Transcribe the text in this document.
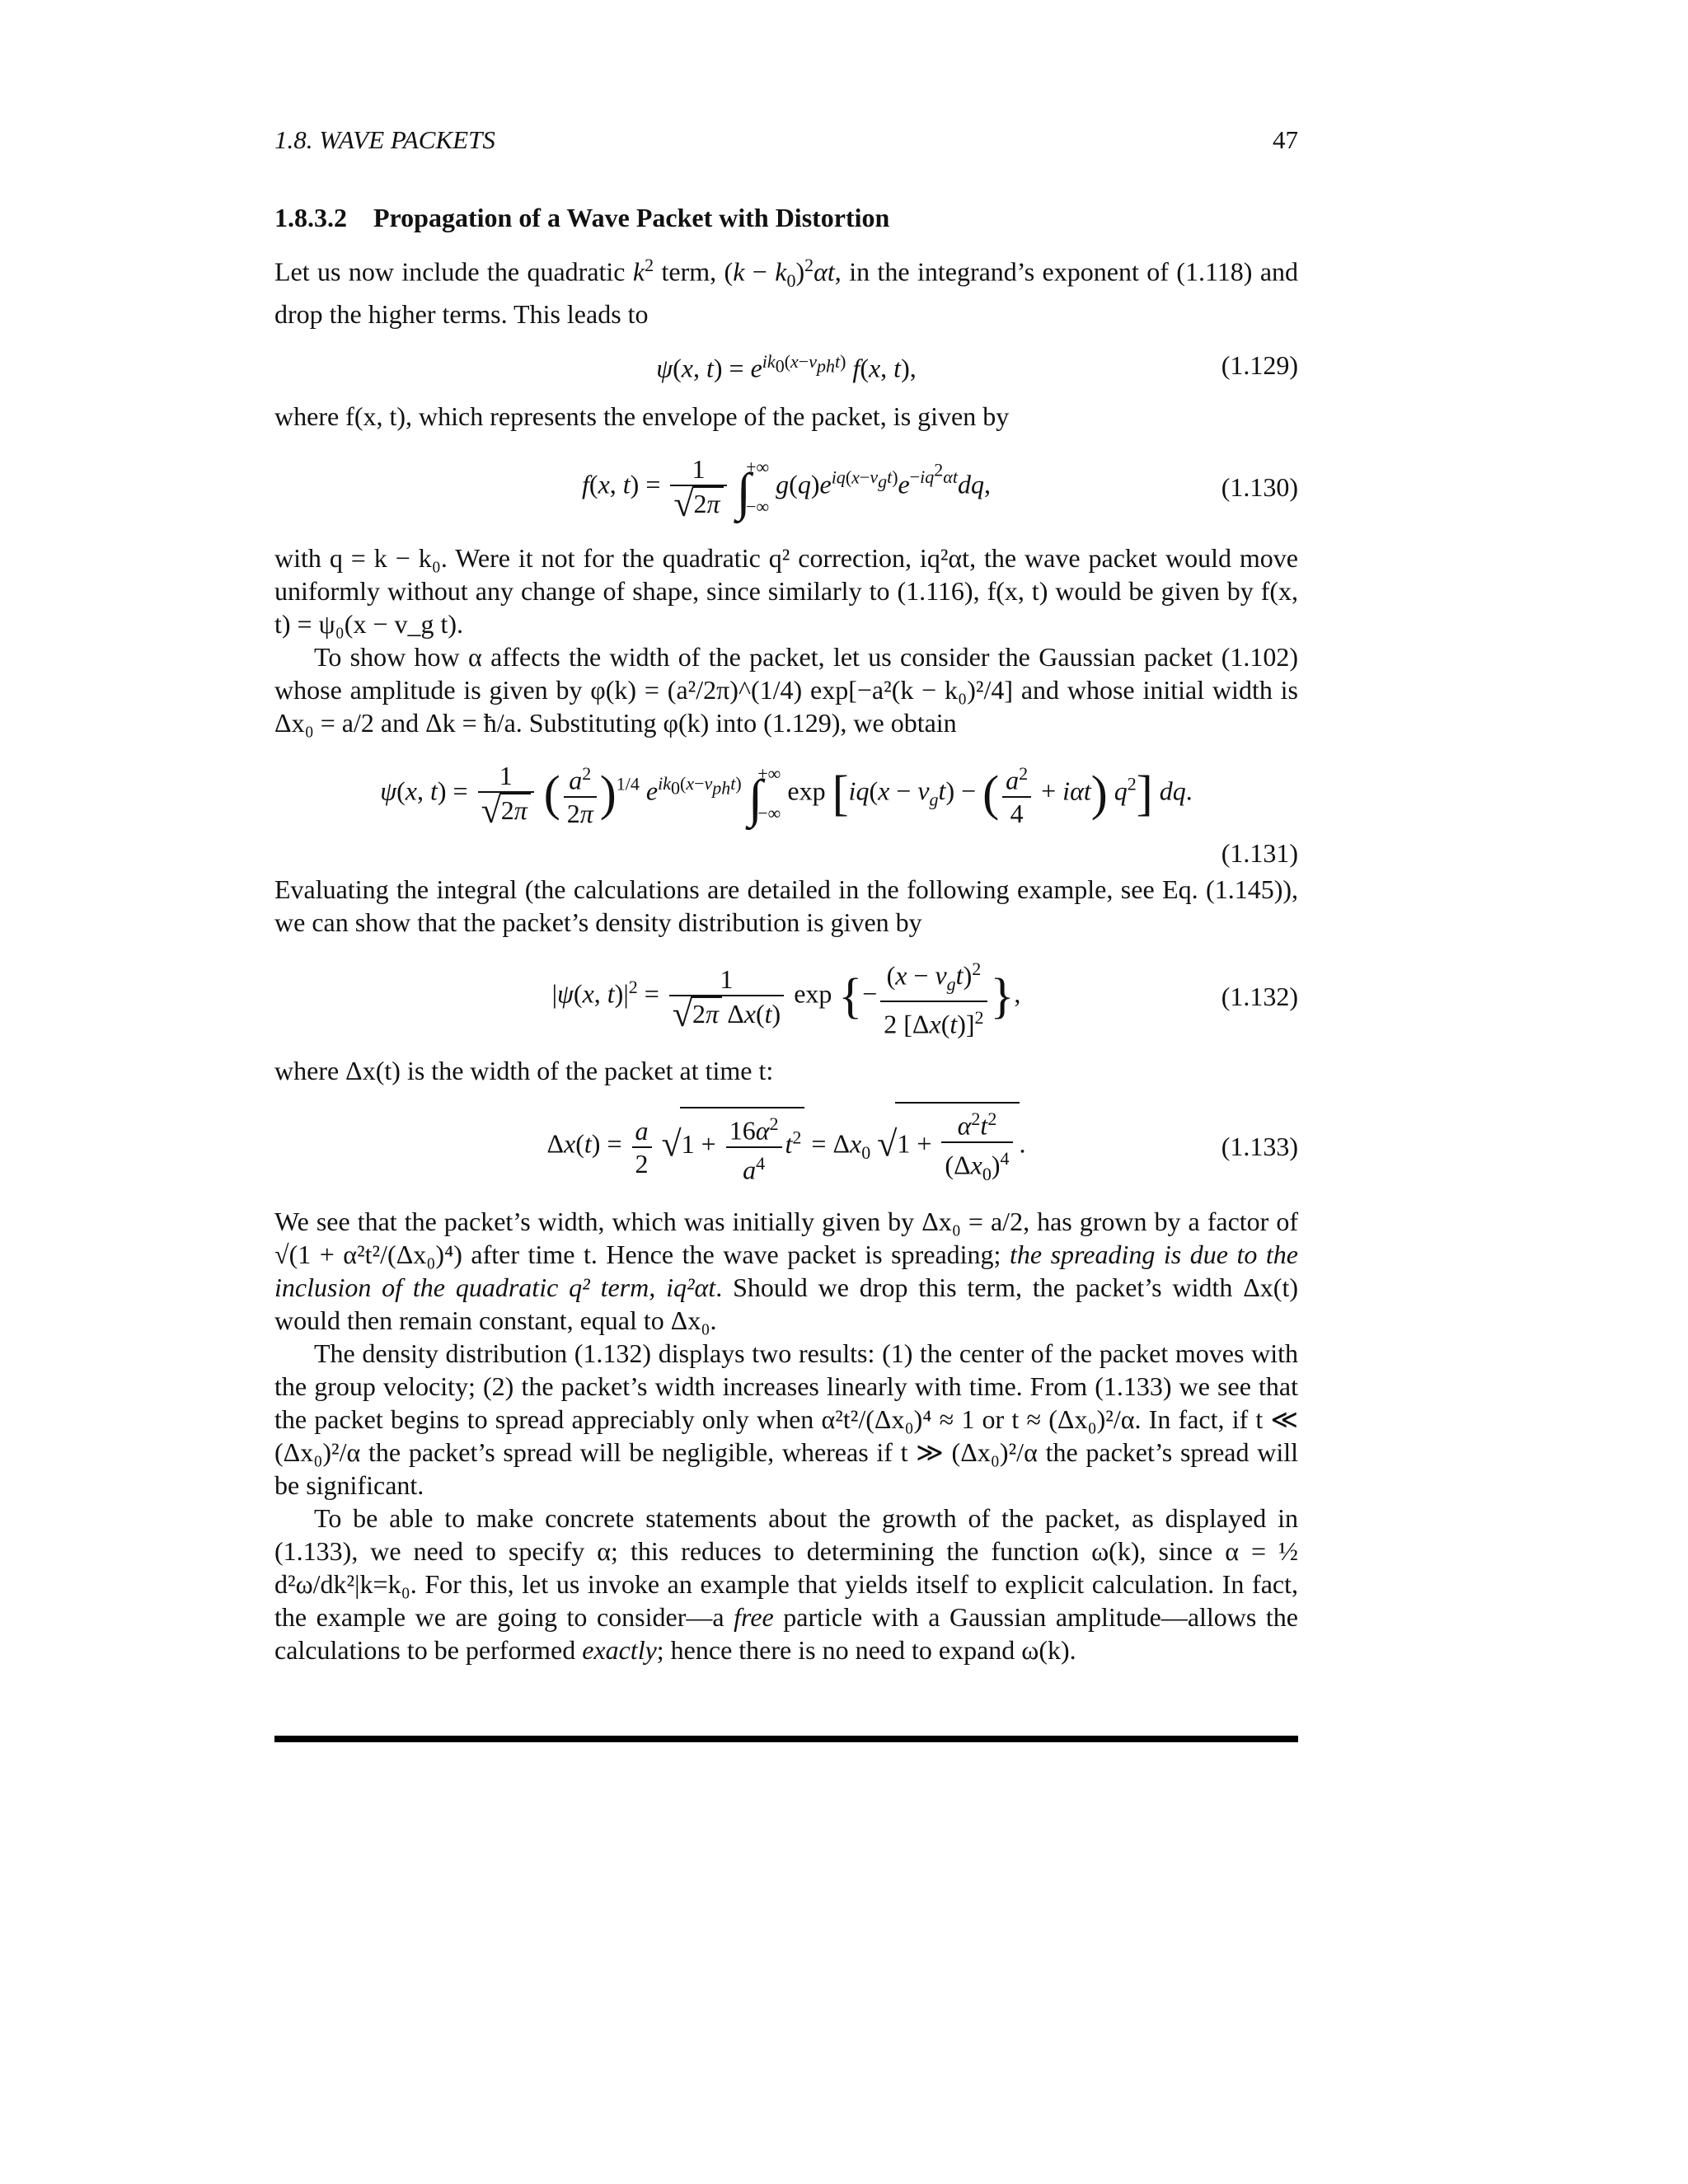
1.8. WAVE PACKETS	47
1.8.3.2 Propagation of a Wave Packet with Distortion

Let us now include the quadratic $k^2$ term, $(k - k_0)^2\alpha t$, in the integrand’s exponent of (1.118) and drop the higher terms. This leads to

ψ(x, $t) = e^{ik_0(x-v_{ph}t)}$ f(x, t),	(1.129)

where f(x, t), which represents the envelope of the packet, is given by

f(x, $t) = \frac{1}{√2\pi}$ ∫
+∞
−∞
$g(q)e^{iq(x-v_gt)}e^{-iq^2\alpha t}dq$,	(1.130)

with q = k − k₀. Were it not for the quadratic q² correction, iq²αt, the wave packet would move uniformly without any change of shape, since similarly to (1.116), f(x, t) would be given by f(x, t) = ψ₀(x − v_g t).

To show how α affects the width of the packet, let us consider the Gaussian packet (1.102) whose amplitude is given by φ(k) = (a²/2π)^(1/4) exp[−a²(k − k₀)²/4] and whose initial width is Δx₀ = a/2 and Δk = ħ/a. Substituting φ(k) into (1.129), we obtain

ψ(x, $t) = \frac{1}{√2\pi}$ ( $\frac{a^2}{2\pi} )^{1/4}$ $e^{ik_0(x-v_{ph}t)}$ ∫
+∞
−∞
$\exp [iq(x - v_gt)$ − ( $\frac{a^2}{4} + i\alpha t$) $q^2$] dq.
(1.131)

Evaluating the integral (the calculations are detailed in the following example, see Eq. (1.145)), we can show that the packet’s density distribution is given by

|ψ(x, $t)|^2 = \frac{1}{\text{√2π Δx(t)}}$ exp {− $\frac{(x - v_gt)^2}{2 [\Delta x(t)]^2}$ },	(1.132)

where Δx(t) is the width of the packet at time t:

$\Delta x(t) = \frac{a}{2} √1 + \frac{16\alpha^2}{a^4} t^2 = \Delta x_0$ $√1 + \frac{\alpha^2t^2}{(\Delta x_0)^4}$ .	(1.133)

We see that the packet’s width, which was initially given by Δx₀ = a/2, has grown by a factor of √(1 + α²t²/(Δx₀)⁴) after time t. Hence the wave packet is spreading; the spreading is due to the inclusion of the quadratic q² term, iq²αt. Should we drop this term, the packet’s width Δx(t) would then remain constant, equal to Δx₀.

The density distribution (1.132) displays two results: (1) the center of the packet moves with the group velocity; (2) the packet’s width increases linearly with time. From (1.133) we see that the packet begins to spread appreciably only when α²t²/(Δx₀)⁴ ≈ 1 or t ≈ (Δx₀)²/α. In fact, if t ≪ (Δx₀)²/α the packet’s spread will be negligible, whereas if t ≫ (Δx₀)²/α the packet’s spread will be significant.

To be able to make concrete statements about the growth of the packet, as displayed in (1.133), we need to specify α; this reduces to determining the function ω(k), since α = ½ d²ω/dk²|k=k₀. For this, let us invoke an example that yields itself to explicit calculation. In fact, the example we are going to consider—a free particle with a Gaussian amplitude—allows the calculations to be performed exactly; hence there is no need to expand ω(k).
